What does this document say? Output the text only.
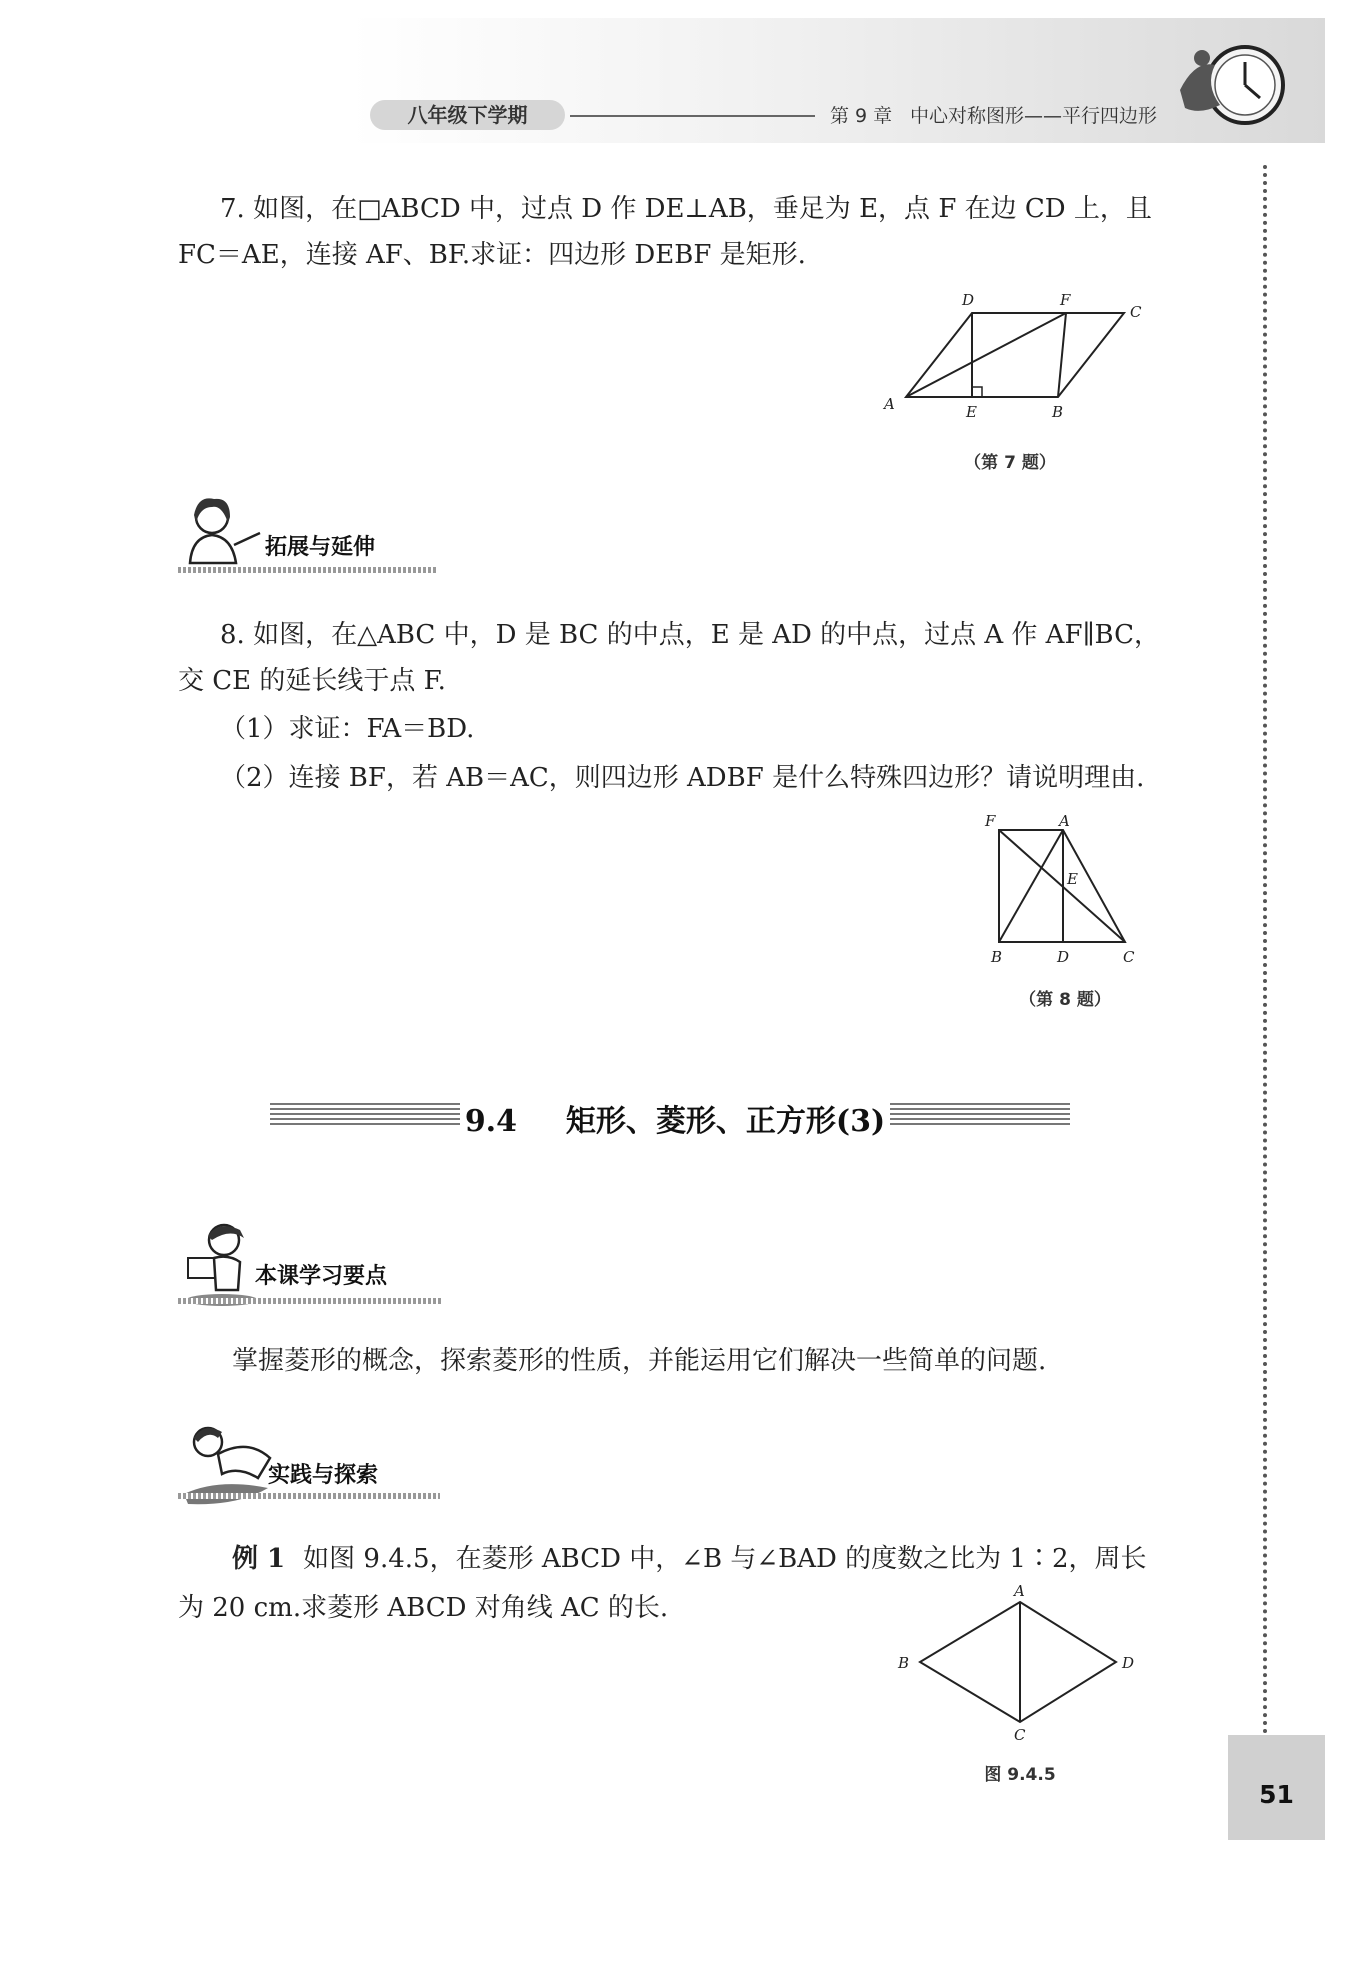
八年级下学期	第 9 章 中心对称图形——平行四边形
7. 如图，在□ABCD 中，过点 D 作 DE⊥AB，垂足为 E，点 F 在边 CD 上，且
FC＝AE，连接 AF、BF.求证：四边形 DEBF 是矩形.
A	B
C
D
E
F
（第 7 题）
拓展与延伸
8. 如图，在△ABC 中，D 是 BC 的中点，E 是 AD 的中点，过点 A 作 AF∥BC，
交 CE 的延长线于点 F.
（1）求证：FA＝BD.
（2）连接 BF，若 AB＝AC，则四边形 ADBF 是什么特殊四边形？请说明理由.
F	A
E
B	D	C
（第 8 题）
9.4 矩形、菱形、正方形(3)
本课学习要点
掌握菱形的概念，探索菱形的性质，并能运用它们解决一些简单的问题.
实践与探索
例 1 如图 9.4.5，在菱形 ABCD 中，∠B 与∠BAD 的度数之比为 1∶2，周长
为 20 cm.求菱形 ABCD 对角线 AC 的长.
A
B
C
D
图 9.4.5
51
